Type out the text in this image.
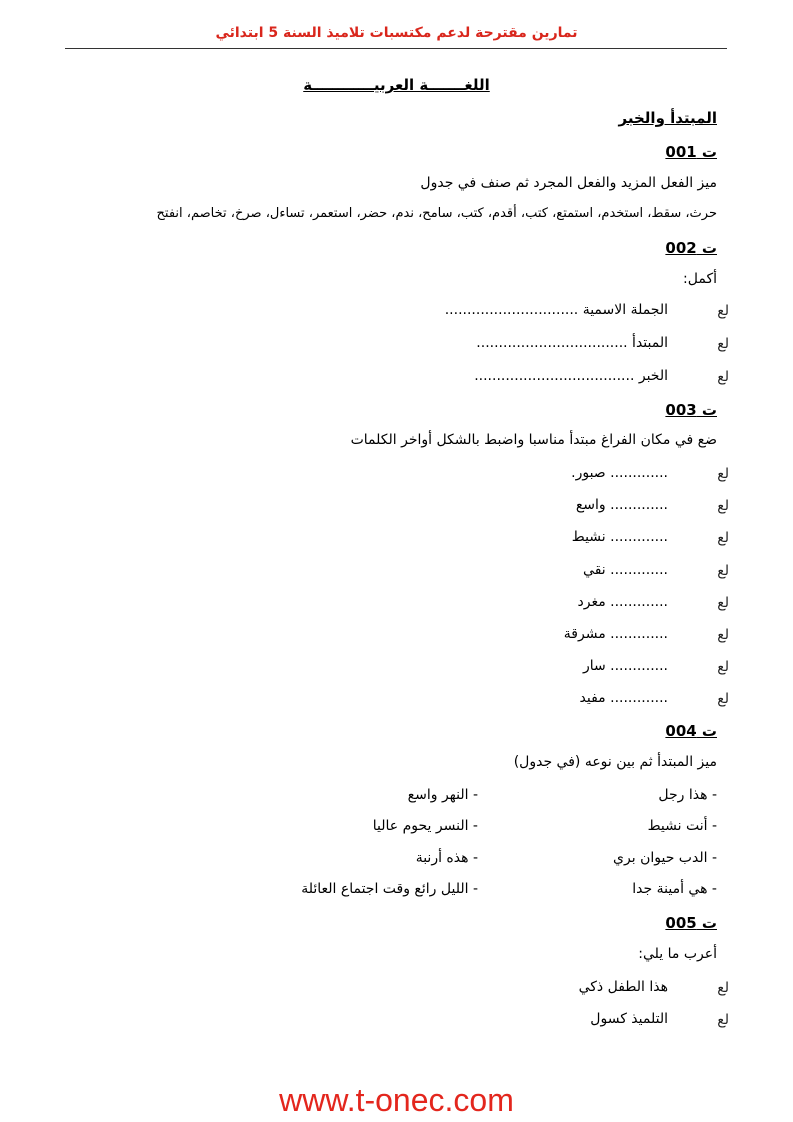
تمارين مقترحة لدعم مكتسبات تلاميذ السنة 5 ابتدائي
اللغـــــــة العربيــــــــــــة
المبتدأ والخبر
ت 001
ميز الفعل المزيد والفعل المجرد ثم صنف في جدول
حرث، سقط، استخدم، استمتع، كتب، أقدم، كتب، سامح، ندم، حضر، استعمر، تساءل، صرخ، تخاصم، انفتح
ت 002
أكمل:
ﻟﻊ
الجملة الاسمية ..............................
ﻟﻊ
المبتدأ ..................................
ﻟﻊ
الخبر ....................................
ت 003
ضع في مكان الفراغ مبتدأ مناسبا واضبط بالشكل أواخر الكلمات
ﻟﻊ
............. صبور.
ﻟﻊ
............. واسع
ﻟﻊ
............. نشيط
ﻟﻊ
............. نقي
ﻟﻊ
............. مغرد
ﻟﻊ
............. مشرقة
ﻟﻊ
............. سار
ﻟﻊ
............. مفيد
ت 004
ميز المبتدأ ثم بين نوعه (في جدول)
- هذا رجل
- النهر واسع
- أنت نشيط
- النسر يحوم عاليا
- الدب حيوان بري
- هذه أرنبة
- هي أمينة جدا
- الليل رائع وقت اجتماع العائلة
ت 005
أعرب ما يلي:
ﻟﻊ
هذا الطفل ذكي
ﻟﻊ
التلميذ كسول
www.t-onec.com
